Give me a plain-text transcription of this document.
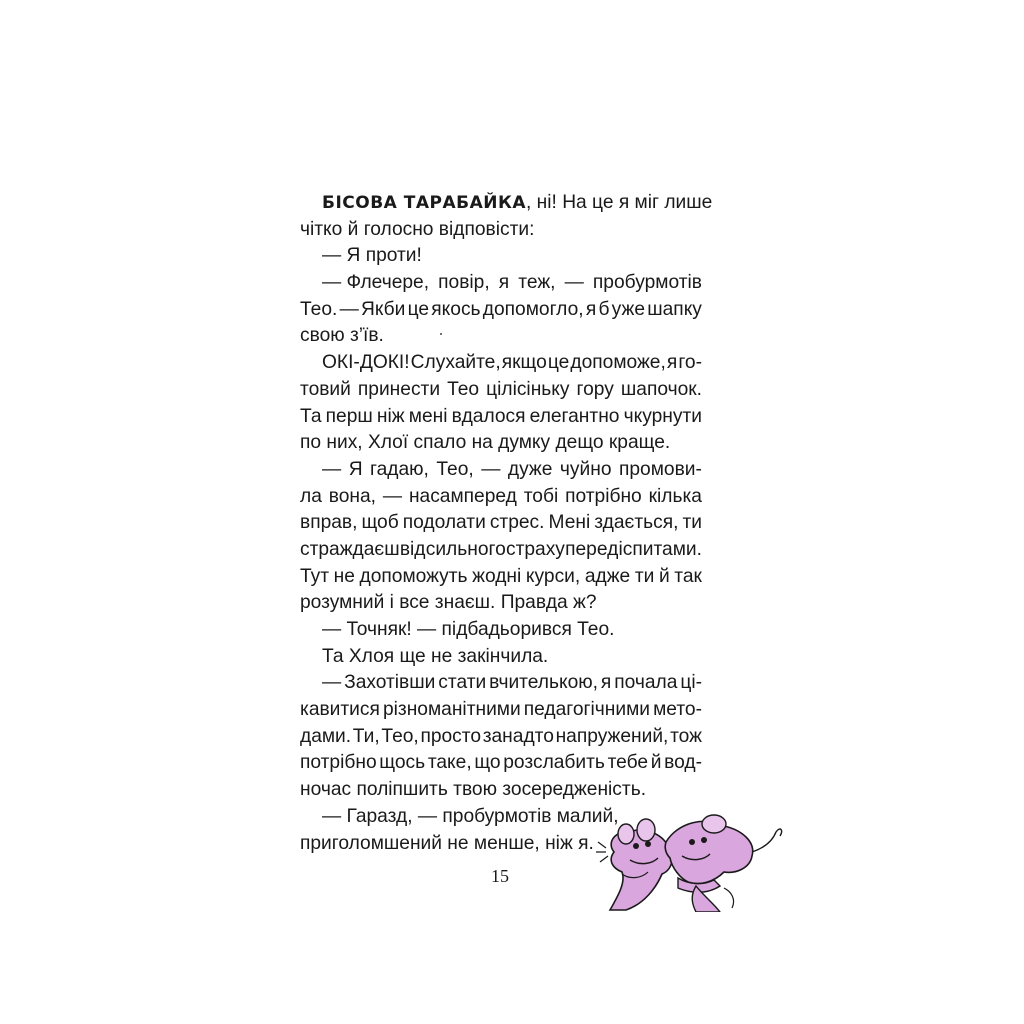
БІСОВА ТАРАБАЙКА , ні! На це я міг лише
чітко й голосно відповісти:
— Я проти!
— Флечере, повір, я теж, — пробурмотів
Тео. — Якби це якось допомогло, я б уже шапку
свою з’їв.
ОКІ-ДОКІ! Слухайте, якщо це допоможе, я го-
товий принести Тео цілісіньку гору шапочок.
Та перш ніж мені вдалося елегантно чкурнути
по них, Хлої спало на думку дещо краще.
— Я гадаю, Тео, — дуже чуйно промови-
ла вона, — насамперед тобі потрібно кілька
вправ, щоб подолати стрес. Мені здається, ти
страждаєш від сильного страху перед іспитами.
Тут не допоможуть жодні курси, адже ти й так
розумний і все знаєш. Правда ж?
— Точняк! — підбадьорився Тео.
Та Хлоя ще не закінчила.
— Захотівши стати вчителькою, я почала ці-
кавитися різноманітними педагогічними мето-
дами. Ти, Тео, просто занадто напружений, тож
потрібно щось таке, що розслабить тебе й вод-
ночас поліпшить твою зосередженість.
— Гаразд, — пробурмотів малий,
приголомшений не менше, ніж я.
15
